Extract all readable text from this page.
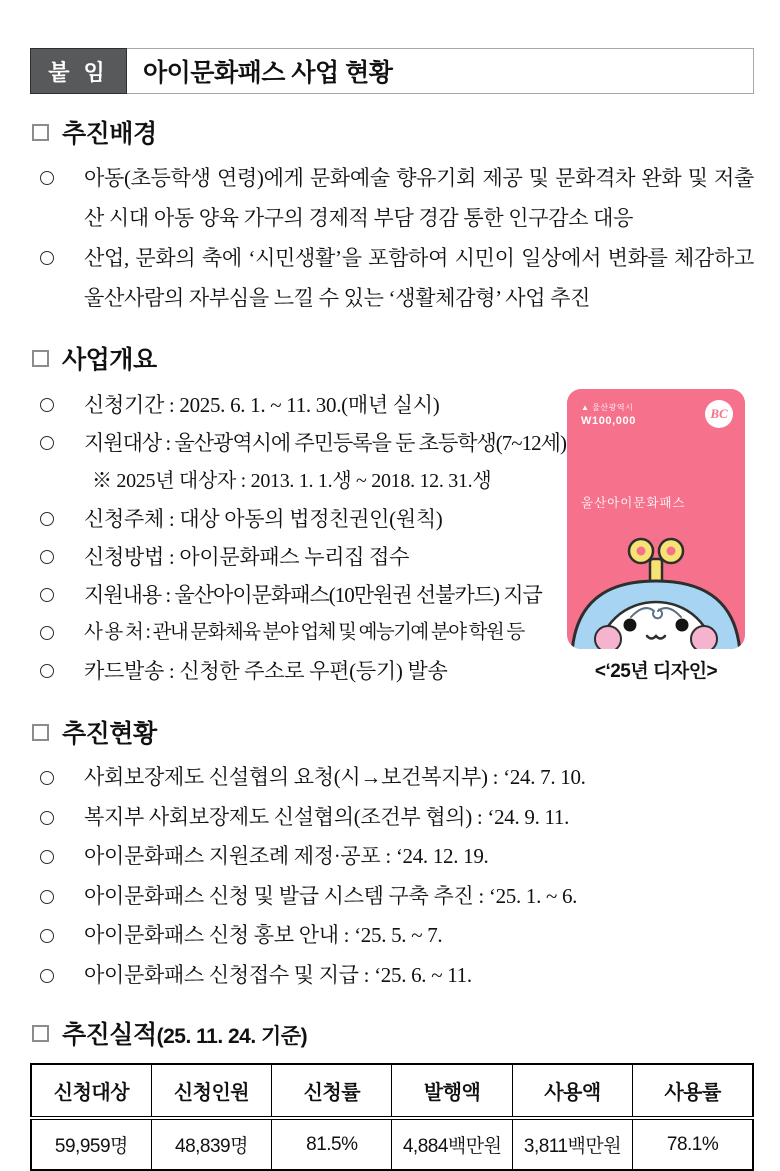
붙 임	아이문화패스 사업 현황
추진배경
아동(초등학생 연령)에게 문화예술 향유기회 제공 및 문화격차 완화 및 저출산 시대 아동 양육 가구의 경제적 부담 경감 통한 인구감소 대응
산업, 문화의 축에 ‘시민생활’을 포함하여 시민이 일상에서 변화를 체감하고 울산사람의 자부심을 느낄 수 있는 ‘생활체감형’ 사업 추진
사업개요
신청기간 : 2025. 6. 1. ~ 11. 30.(매년 실시)
지원대상 : 울산광역시에 주민등록을 둔 초등학생(7~12세)
※ 2025년 대상자 : 2013. 1. 1.생 ~ 2018. 12. 31.생
신청주체 : 대상 아동의 법정친권인(원칙)
신청방법 : 아이문화패스 누리집 접수
지원내용 : 울산아이문화패스(10만원권 선불카드) 지급
사 용 처 : 관내 문화체육 분야 업체 및 예능기예 분야 학원 등
카드발송 : 신청한 주소로 우편(등기) 발송
▲ 울산광역시
W100,000	BC
울산아이문화패스
<‘25년 디자인>
추진현황
사회보장제도 신설협의 요청(시→보건복지부) : ‘24. 7. 10.
복지부 사회보장제도 신설협의(조건부 협의) : ‘24. 9. 11.
아이문화패스 지원조례 제정·공포 : ‘24. 12. 19.
아이문화패스 신청 및 발급 시스템 구축 추진 : ‘25. 1. ~ 6.
아이문화패스 신청 홍보 안내 : ‘25. 5. ~ 7.
아이문화패스 신청접수 및 지급 : ‘25. 6. ~ 11.
추진실적 (25. 11. 24. 기준)
신청대상	신청인원	신청률	발행액	사용액	사용률
59,959명	48,839명	81.5%	4,884백만원	3,811백만원	78.1%
